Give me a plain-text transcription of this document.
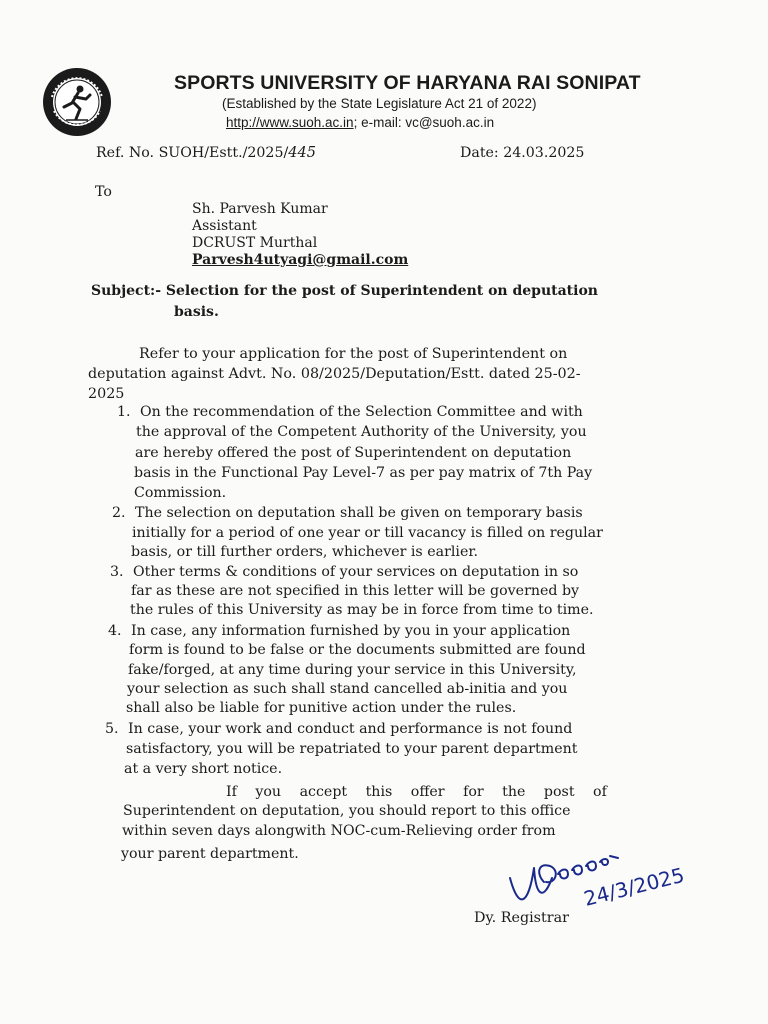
SPORTS UNIVERSITY OF HARYANA RAI SONIPAT
(Established by the State Legislature Act 21 of 2022)
http://www.suoh.ac.in; e-mail: vc@suoh.ac.in
Ref. No. SUOH/Estt./2025/445	Date: 24.03.2025
To
Sh. Parvesh Kumar
Assistant
DCRUST Murthal
Parvesh4utyagi@gmail.com
Subject:- Selection for the post of Superintendent on deputation
basis.
Refer to your application for the post of Superintendent on
deputation against Advt. No. 08/2025/Deputation/Estt. dated 25-02-
2025
1. On the recommendation of the Selection Committee and with
the approval of the Competent Authority of the University, you
are hereby offered the post of Superintendent on deputation
basis in the Functional Pay Level-7 as per pay matrix of 7th Pay
Commission.
2. The selection on deputation shall be given on temporary basis
initially for a period of one year or till vacancy is filled on regular
basis, or till further orders, whichever is earlier.
3. Other terms & conditions of your services on deputation in so
far as these are not specified in this letter will be governed by
the rules of this University as may be in force from time to time.
4. In case, any information furnished by you in your application
form is found to be false or the documents submitted are found
fake/forged, at any time during your service in this University,
your selection as such shall stand cancelled ab-initia and you
shall also be liable for punitive action under the rules.
5. In case, your work and conduct and performance is not found
satisfactory, you will be repatriated to your parent department
at a very short notice.
If you accept this offer for the post of
Superintendent on deputation, you should report to this office
within seven days alongwith NOC-cum-Relieving order from
your parent department.
24/3/2025
Dy. Registrar
